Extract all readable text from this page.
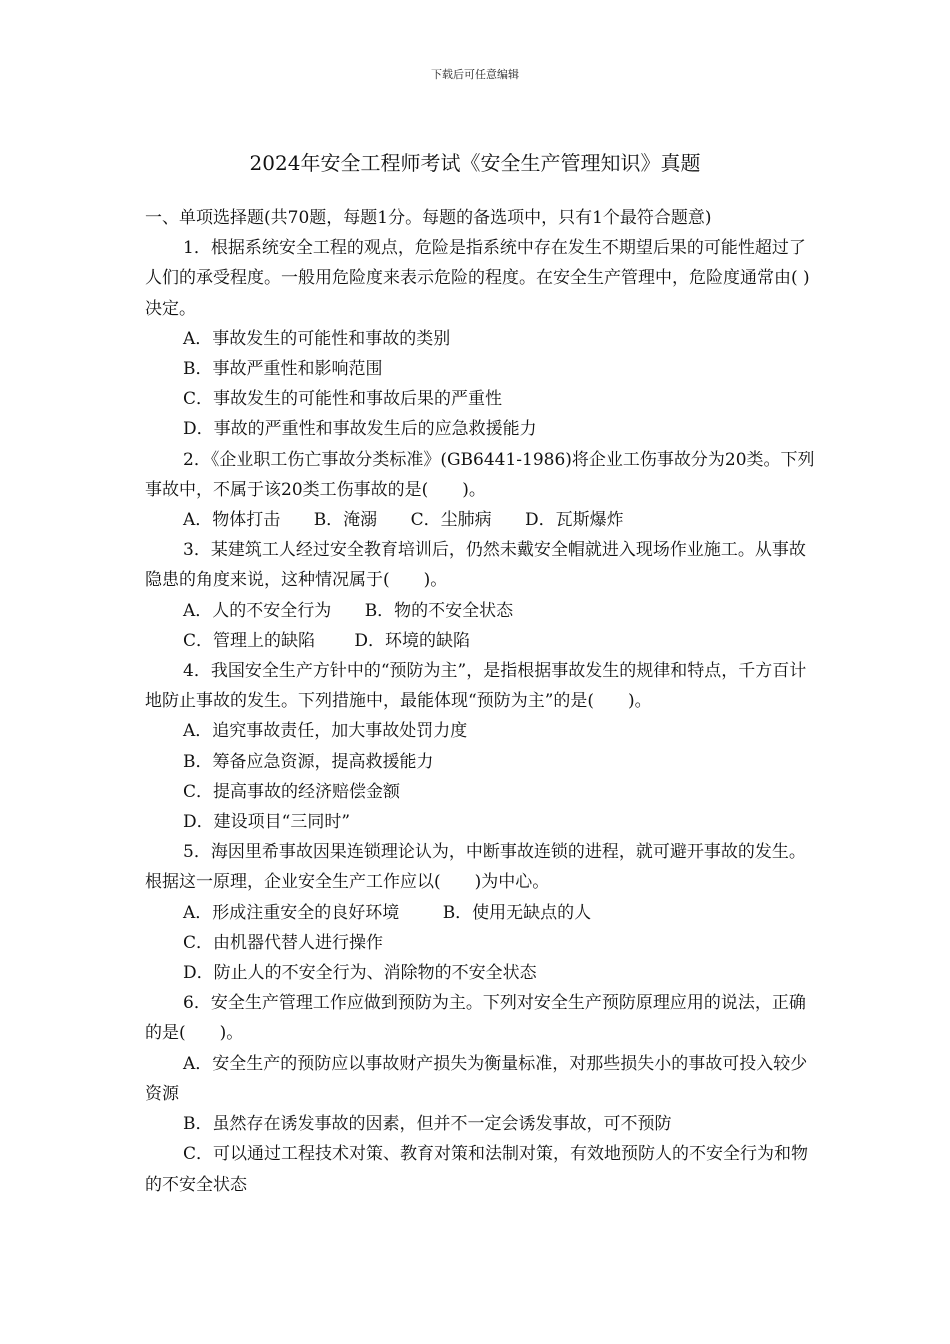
下载后可任意编辑
2024年安全工程师考试《安全生产管理知识》真题

一、单项选择题(共70题，每题1分。每题的备选项中，只有1个最符合题意)

1．根据系统安全工程的观点，危险是指系统中存在发生不期望后果的可能性超过了人们的承受程度。一般用危险度来表示危险的程度。在安全生产管理中，危险度通常由( )决定。

A．事故发生的可能性和事故的类别

B．事故严重性和影响范围

C．事故发生的可能性和事故后果的严重性

D．事故的严重性和事故发生后的应急救援能力

2．《企业职工伤亡事故分类标准》(GB6441-1986)将企业工伤事故分为20类。下列事故中，不属于该20类工伤事故的是(　　)。

A．物体打击 B．淹溺 C．尘肺病 D．瓦斯爆炸

3．某建筑工人经过安全教育培训后，仍然未戴安全帽就进入现场作业施工。从事故隐患的角度来说，这种情况属于(　　)。

A．人的不安全行为 B．物的不安全状态

C．管理上的缺陷 D．环境的缺陷

4．我国安全生产方针中的“预防为主”，是指根据事故发生的规律和特点，千方百计地防止事故的发生。下列措施中，最能体现“预防为主”的是(　　)。

A．追究事故责任，加大事故处罚力度

B．筹备应急资源，提高救援能力

C．提高事故的经济赔偿金额

D．建设项目“三同时”

5．海因里希事故因果连锁理论认为，中断事故连锁的进程，就可避开事故的发生。根据这一原理，企业安全生产工作应以(　　)为中心。

A．形成注重安全的良好环境	B．使用无缺点的人

C．由机器代替人进行操作

D．防止人的不安全行为、消除物的不安全状态

6．安全生产管理工作应做到预防为主。下列对安全生产预防原理应用的说法，正确的是(　　)。

A．安全生产的预防应以事故财产损失为衡量标准，对那些损失小的事故可投入较少资源

B．虽然存在诱发事故的因素，但并不一定会诱发事故，可不预防

C．可以通过工程技术对策、教育对策和法制对策，有效地预防人的不安全行为和物的不安全状态
